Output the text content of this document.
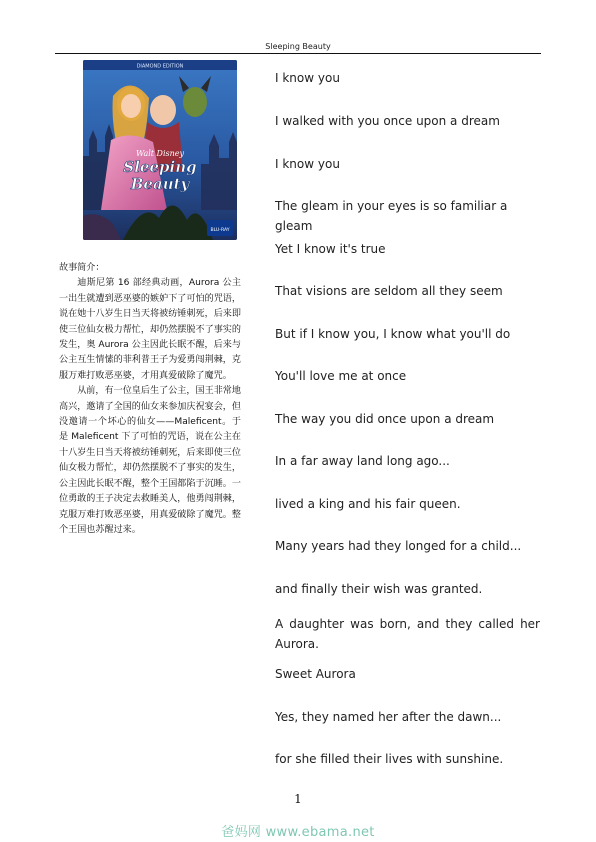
Sleeping Beauty
DIAMOND EDITION
Walt Disney
Sleeping
Beauty
BLU-RAY
故事简介：

迪斯尼第 16 部经典动画，Aurora 公主一出生就遭到恶巫婆的嫉妒下了可怕的咒语，说在她十八岁生日当天将被纺锤刺死，后来即使三位仙女极力帮忙，却仍然摆脱不了事实的发生，奥 Aurora 公主因此长眠不醒，后来与公主互生情愫的菲利普王子为爱勇闯荆棘，克服万难打败恶巫婆，才用真爱破除了魔咒。

从前，有一位皇后生了公主，国王非常地高兴，邀请了全国的仙女来参加庆祝宴会，但没邀请一个坏心的仙女——Maleficent。于是 Maleficent 下了可怕的咒语，说在公主在十八岁生日当天将被纺锤刺死，后来即使三位仙女极力帮忙，却仍然摆脱不了事实的发生，公主因此长眠不醒，整个王国都陷于沉睡。一位勇敢的王子决定去救睡美人，他勇闯荆棘，克服万难打败恶巫婆，用真爱破除了魔咒。整个王国也苏醒过来。

I know you
I walked with you once upon a dream
I know you
The gleam in your eyes is so familiar a gleam
Yet I know it's true
That visions are seldom all they seem
But if I know you, I know what you'll do
You'll love me at once
The way you did once upon a dream
In a far away land long ago...
lived a king and his fair queen.
Many years had they longed for a child...
and finally their wish was granted.
A daughter was born, and they called her Aurora.
Sweet Aurora
Yes, they named her after the dawn...
for she filled their lives with sunshine.
1
爸妈网 www.ebama.net
